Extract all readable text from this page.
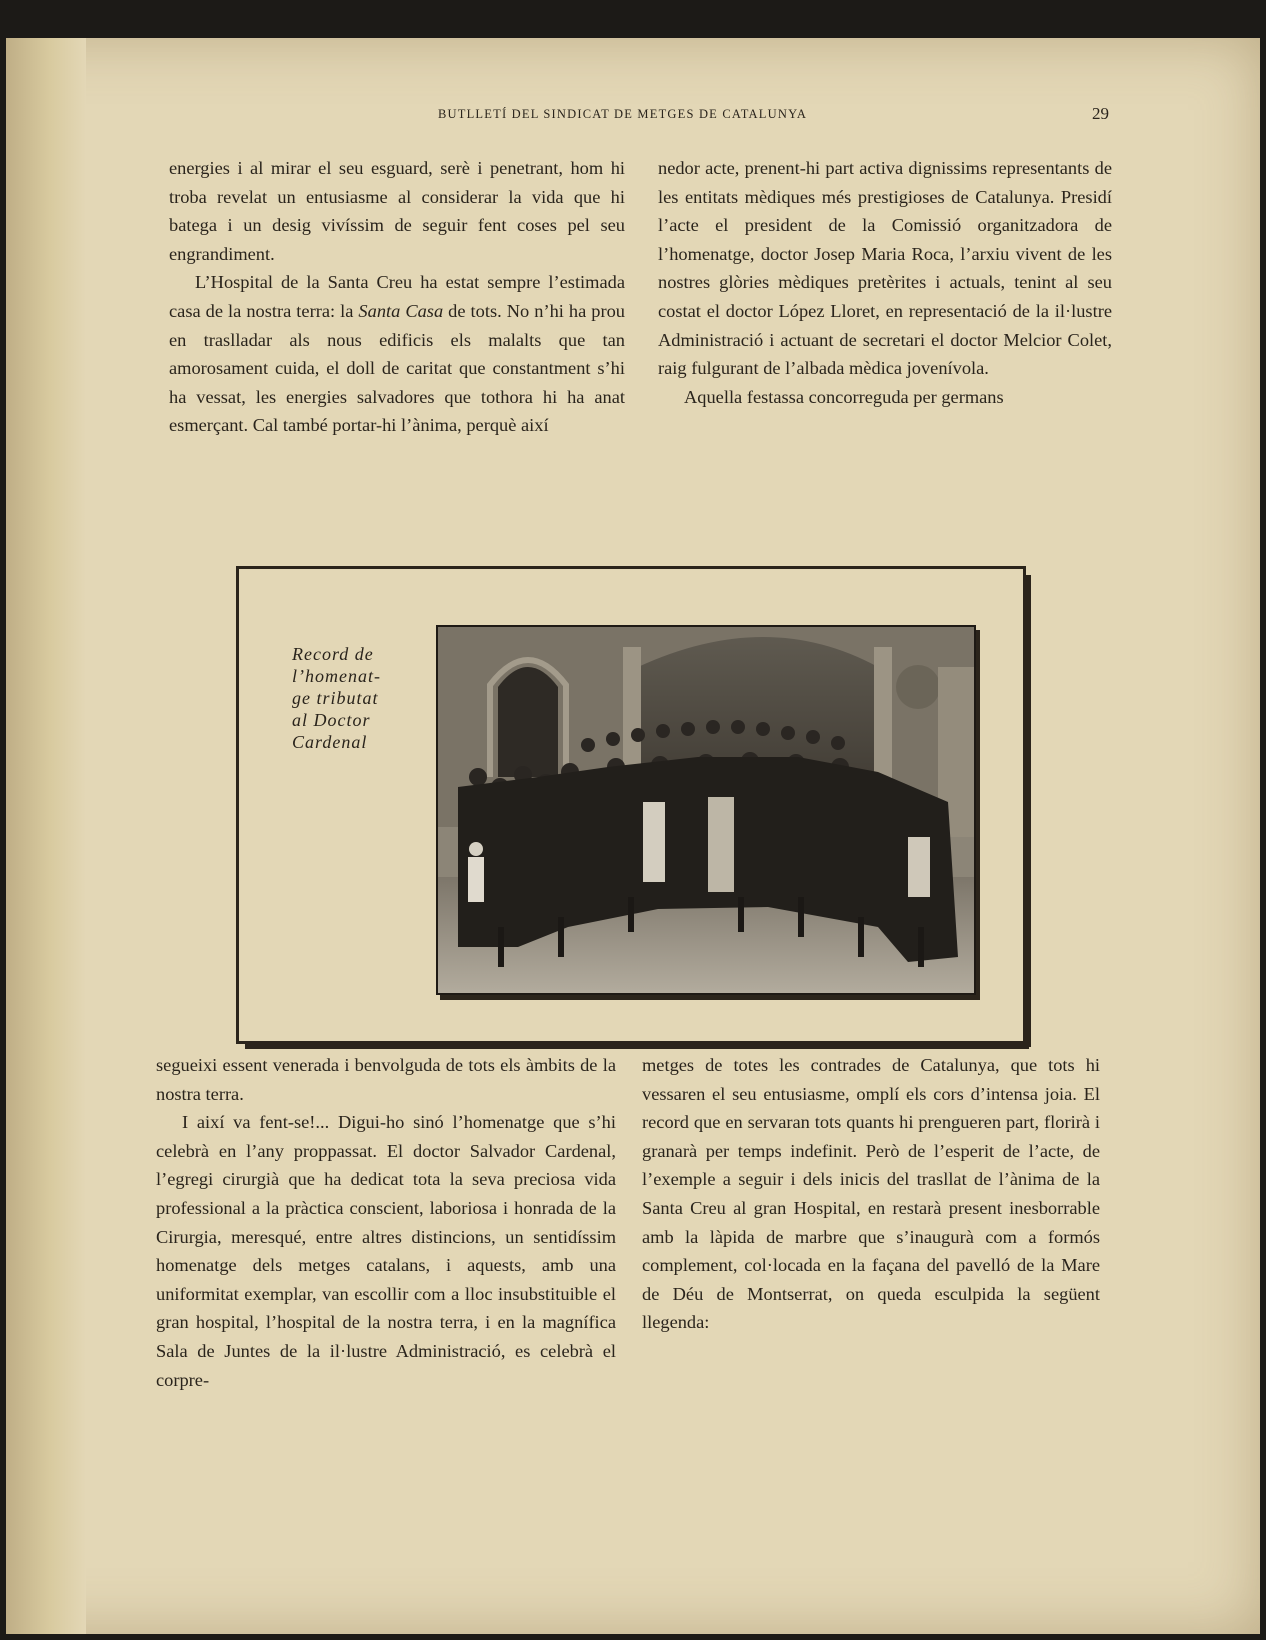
BUTLLETÍ DEL SINDICAT DE METGES DE CATALUNYA	29

energies i al mirar el seu esguard, serè i penetrant, hom hi troba revelat un entusiasme al considerar la vida que hi batega i un desig vivíssim de seguir fent coses pel seu engrandiment.

L’Hospital de la Santa Creu ha estat sempre l’estimada casa de la nostra terra: la Santa Casa de tots. No n’hi ha prou en traslladar als nous edificis els malalts que tan amorosament cuida, el doll de caritat que constantment s’hi ha vessat, les energies salvadores que tothora hi ha anat esmerçant. Cal també portar-hi l’ànima, perquè així

nedor acte, prenent-hi part activa dignissims representants de les entitats mèdiques més prestigioses de Catalunya. Presidí l’acte el president de la Comissió organitzadora de l’homenatge, doctor Josep Maria Roca, l’arxiu vivent de les nostres glòries mèdiques pretèrites i actuals, tenint al seu costat el doctor López Lloret, en representació de la il·lustre Administració i actuant de secretari el doctor Melcior Colet, raig fulgurant de l’albada mèdica jovenívola.

Aquella festassa concorreguda per germans

Record de
l’homenat-
ge tributat
al Doctor
Cardenal

segueixi essent venerada i benvolguda de tots els àmbits de la nostra terra.

I així va fent-se!... Digui-ho sinó l’homenatge que s’hi celebrà en l’any proppassat. El doctor Salvador Cardenal, l’egregi cirurgià que ha dedicat tota la seva preciosa vida professional a la pràctica conscient, laboriosa i honrada de la Cirurgia, meresqué, entre altres distincions, un sentidíssim homenatge dels metges catalans, i aquests, amb una uniformitat exemplar, van escollir com a lloc insubstituible el gran hospital, l’hospital de la nostra terra, i en la magnífica Sala de Juntes de la il·lustre Administració, es celebrà el corpre-

metges de totes les contrades de Catalunya, que tots hi vessaren el seu entusiasme, omplí els cors d’intensa joia. El record que en servaran tots quants hi prengueren part, florirà i granarà per temps indefinit. Però de l’esperit de l’acte, de l’exemple a seguir i dels inicis del trasllat de l’ànima de la Santa Creu al gran Hospital, en restarà present inesborrable amb la làpida de marbre que s’inaugurà com a formós complement, col·locada en la façana del pavelló de la Mare de Déu de Montserrat, on queda esculpida la següent llegenda:
